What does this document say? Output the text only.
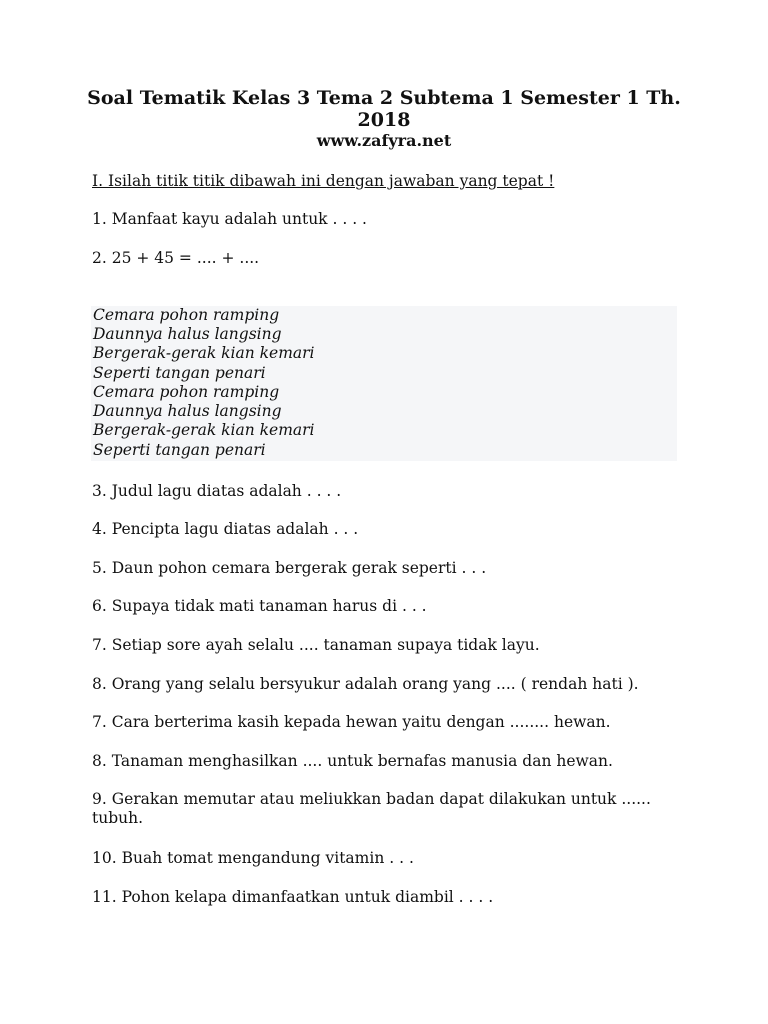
Soal Tematik Kelas 3 Tema 2 Subtema 1 Semester 1 Th.
2018
www.zafyra.net
I. Isilah titik titik dibawah ini dengan jawaban yang tepat !
1. Manfaat kayu adalah untuk . . . .
2. 25 + 45 = .... + ....
Cemara pohon ramping
Daunnya halus langsing
Bergerak-gerak kian kemari
Seperti tangan penari
Cemara pohon ramping
Daunnya halus langsing
Bergerak-gerak kian kemari
Seperti tangan penari
3. Judul lagu diatas adalah . . . .
4. Pencipta lagu diatas adalah . . .
5. Daun pohon cemara bergerak gerak seperti . . .
6. Supaya tidak mati tanaman harus di . . .
7. Setiap sore ayah selalu .... tanaman supaya tidak layu.
8. Orang yang selalu bersyukur adalah orang yang .... ( rendah hati ).
7. Cara berterima kasih kepada hewan yaitu dengan ........ hewan.
8. Tanaman menghasilkan .... untuk bernafas manusia dan hewan.
9. Gerakan memutar atau meliukkan badan dapat dilakukan untuk ...... tubuh.
10. Buah tomat mengandung vitamin . . .
11. Pohon kelapa dimanfaatkan untuk diambil . . . .
